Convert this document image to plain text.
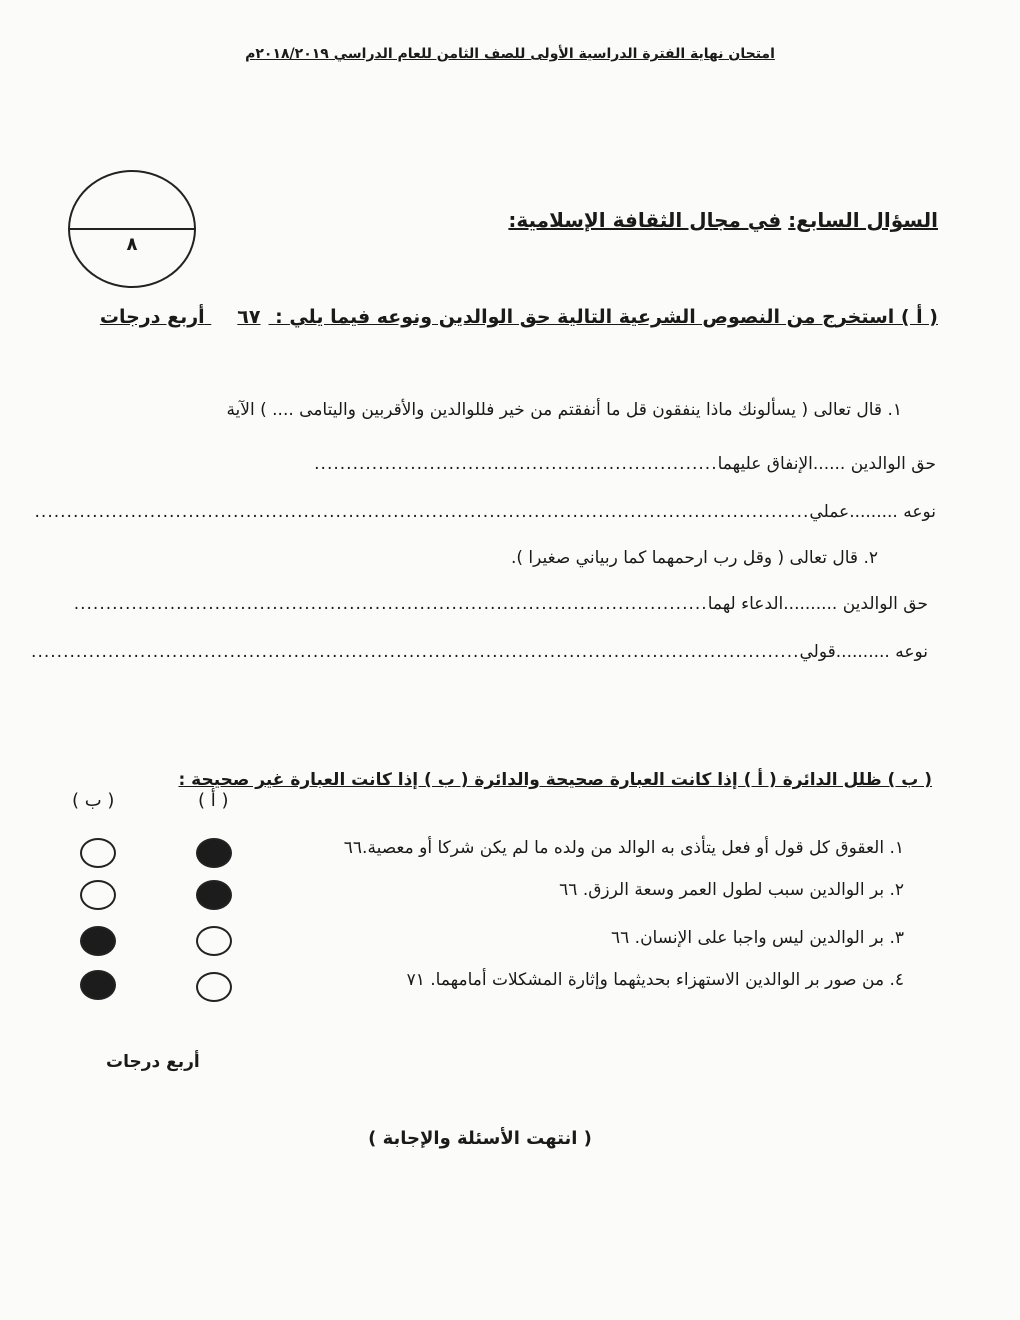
امتحان نهاية الفترة الدراسية الأولى للصف الثامن للعام الدراسي ٢٠١٨/٢٠١٩م
٨
السؤال السابع: في مجال الثقافة الإسلامية:
( أ ) استخرج من النصوص الشرعية التالية حق الوالدين ونوعه فيما يلي : ٦٧ أربع درجات
١. قال تعالى ( يسألونك ماذا ينفقون قل ما أنفقتم من خير فللوالدين والأقربين واليتامى .... ) الآية
حق الوالدين ......
الإنفاق عليهما
...............................................................
نوعه .........
عملي
.........................................................................................................................
٢. قال تعالى ( وقل رب ارحمهما كما ربياني صغيرا ).
حق الوالدين ..........
الدعاء لهما
...................................................................................................
نوعه ..........
قولي
........................................................................................................................
( ب ) ظلل الدائرة ( أ ) إذا كانت العبارة صحيحة والدائرة ( ب ) إذا كانت العبارة غير صحيحة :
( أ )
( ب )
١. العقوق كل قول أو فعل يتأذى به الوالد من ولده ما لم يكن شركا أو معصية.٦٦
٢. بر الوالدين سبب لطول العمر وسعة الرزق. ٦٦
٣. بر الوالدين ليس واجبا على الإنسان. ٦٦
٤. من صور بر الوالدين الاستهزاء بحديثهما وإثارة المشكلات أمامهما. ٧١
أربع درجات
( انتهت الأسئلة والإجابة )
